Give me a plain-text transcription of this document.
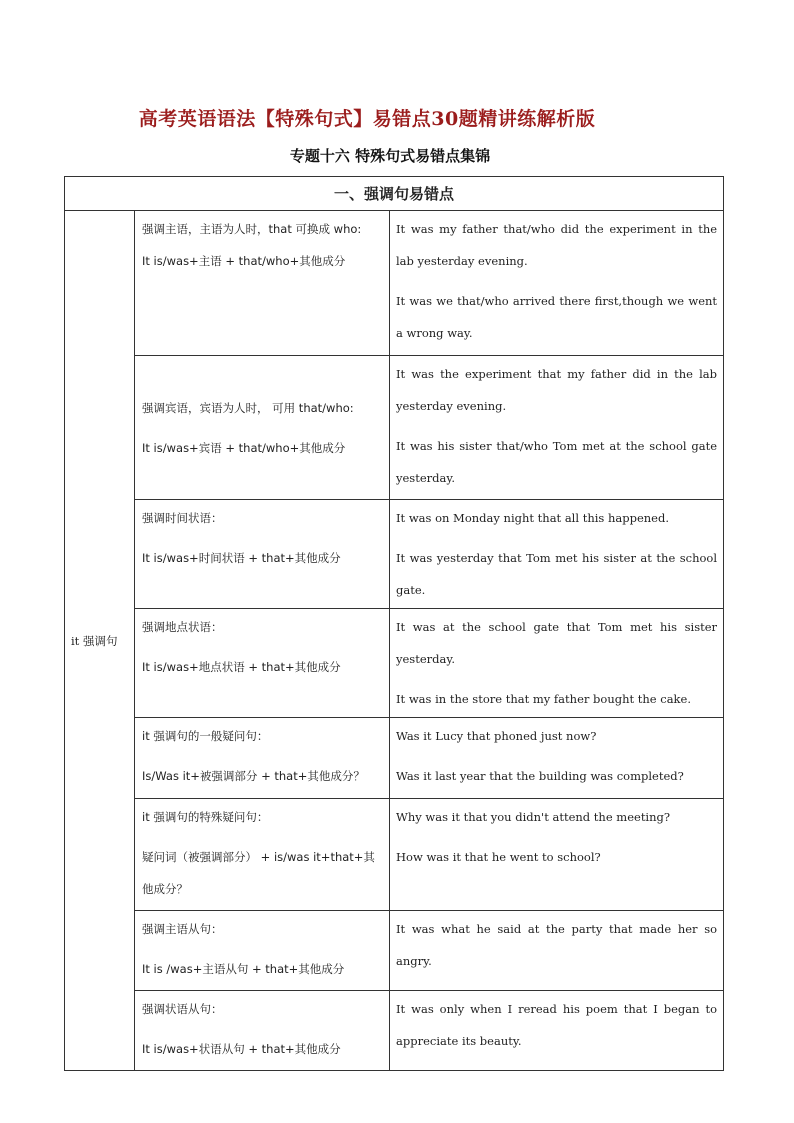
高考英语语法【特殊句式】易错点30题精讲练解析版
专题十六 特殊句式易错点集锦
一、强调句易错点		
it 强调句	强调主语，主语为人时，that 可换成 who:
It is/was+主语 + that/who+其他成分	It was my father that/who did the experiment in the lab yesterday evening.
It was we that/who arrived there first,though we went a wrong way.

	强调宾语，宾语为人时， 可用 that/who:
It is/was+宾语 + that/who+其他成分	It was the experiment that my father did in the lab yesterday evening.
It was his sister that/who Tom met at the school gate yesterday.

	强调时间状语：
It is/was+时间状语 + that+其他成分	It was on Monday night that all this happened.
It was yesterday that Tom met his sister at the school gate.

	强调地点状语：
It is/was+地点状语 + that+其他成分	It was at the school gate that Tom met his sister yesterday.
It was in the store that my father bought the cake.

	it 强调句的一般疑问句：
Is/Was it+被强调部分 + that+其他成分？	Was it Lucy that phoned just now?
Was it last year that the building was completed?

	it 强调句的特殊疑问句：
疑问词（被强调部分） + is/was it+that+其他成分？	Why was it that you didn't attend the meeting?
How was it that he went to school?

	强调主语从句：
It is /was+主语从句 + that+其他成分	It was what he said at the party that made her so angry.

	强调状语从句：
It is/was+状语从句 + that+其他成分	It was only when I reread his poem that I began to appreciate its beauty.
